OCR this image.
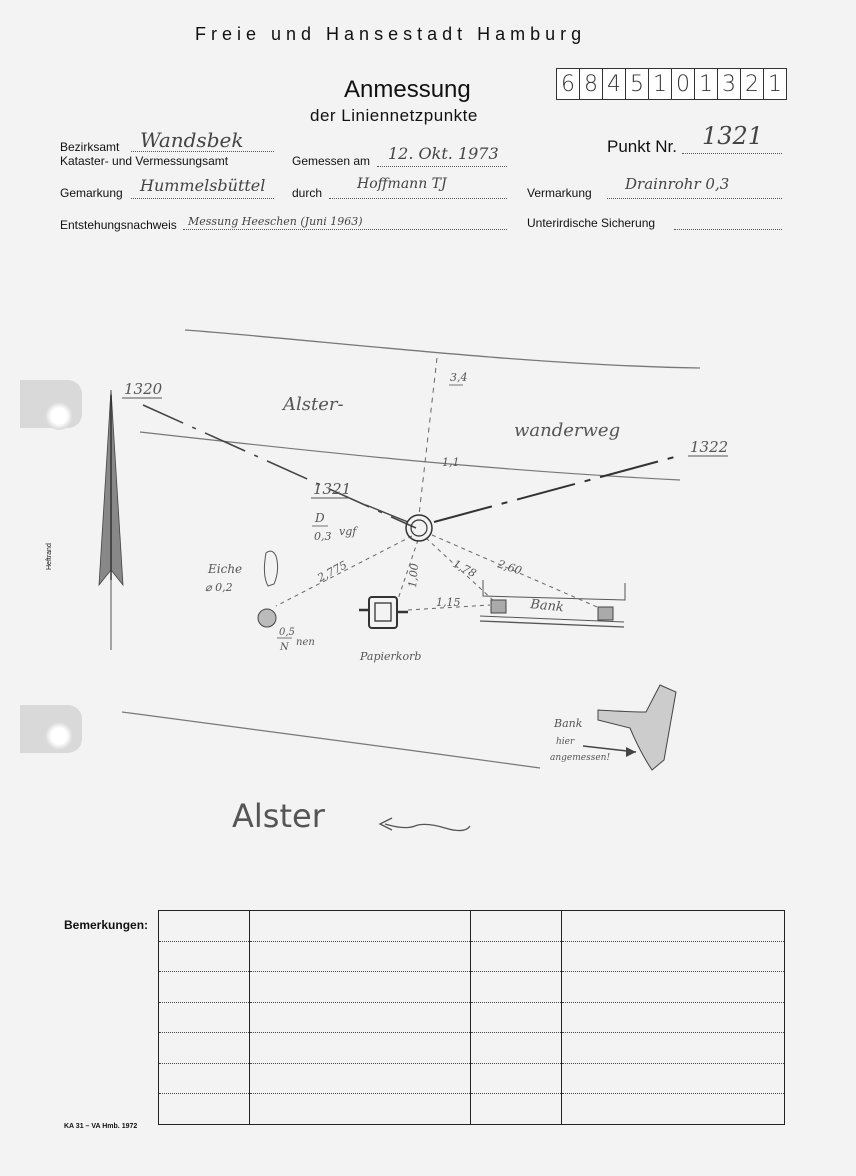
Freie und Hansestadt Hamburg
Anmessung
der Liniennetzpunkte
6 8 4 5 1 0 1 3 2 1
Bezirksamt Wandsbek
Kataster- und Vermessungsamt	Gemessen am 12. Okt. 1973	Punkt Nr. 1321
Gemarkung Hummelsbüttel durch
Hoffmann TJ
Vermarkung Drainrohr 0,3
Entstehungsnachweis Messung Heeschen (Juni 1963)	Unterirdische Sicherung
Heftrand
1320
1321
1322
Alster-
wanderweg
3,4
1,1
D
0,3 vgf
Eiche
⌀ 0,2
2,775	1,00	1,78 2,60
1,15	Bank
0,5
N nen
Papierkorb
Bank
hier
angemessen!
Alster
Bemerkungen:

KA 31 – VA Hmb. 1972
